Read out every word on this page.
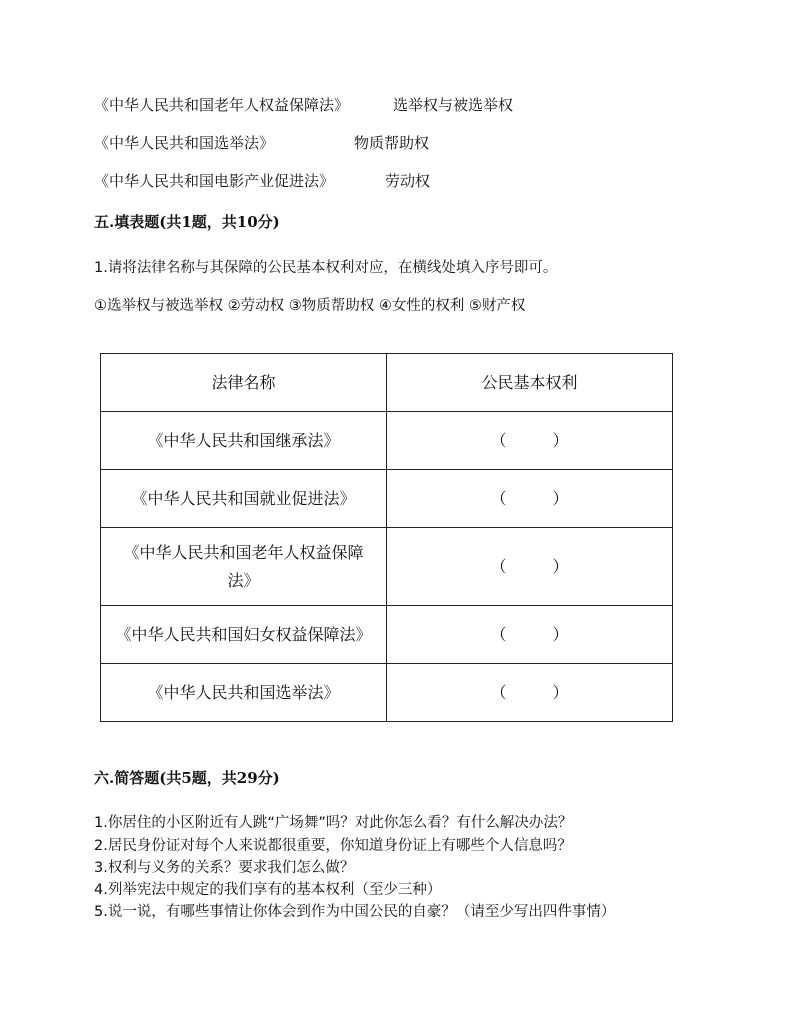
《中华人民共和国老年人权益保障法》	选举权与被选举权
《中华人民共和国选举法》	物质帮助权
《中华人民共和国电影产业促进法》	劳动权
五.填表题(共1题，共10分)
1.请将法律名称与其保障的公民基本权利对应，在横线处填入序号即可。
①选举权与被选举权 ②劳动权 ③物质帮助权 ④女性的权利 ⑤财产权
法律名称	公民基本权利
《中华人民共和国继承法》	（ ）
《中华人民共和国就业促进法》	（ ）
《中华人民共和国老年人权益保障法》	（ ）
《中华人民共和国妇女权益保障法》	（ ）
《中华人民共和国选举法》	（ ）
六.简答题(共5题，共29分)
1.你居住的小区附近有人跳“广场舞”吗？对此你怎么看？有什么解决办法？
2.居民身份证对每个人来说都很重要，你知道身份证上有哪些个人信息吗？
3.权利与义务的关系？要求我们怎么做？
4.列举宪法中规定的我们享有的基本权利（至少三种）
5.说一说，有哪些事情让你体会到作为中国公民的自豪？（请至少写出四件事情）
